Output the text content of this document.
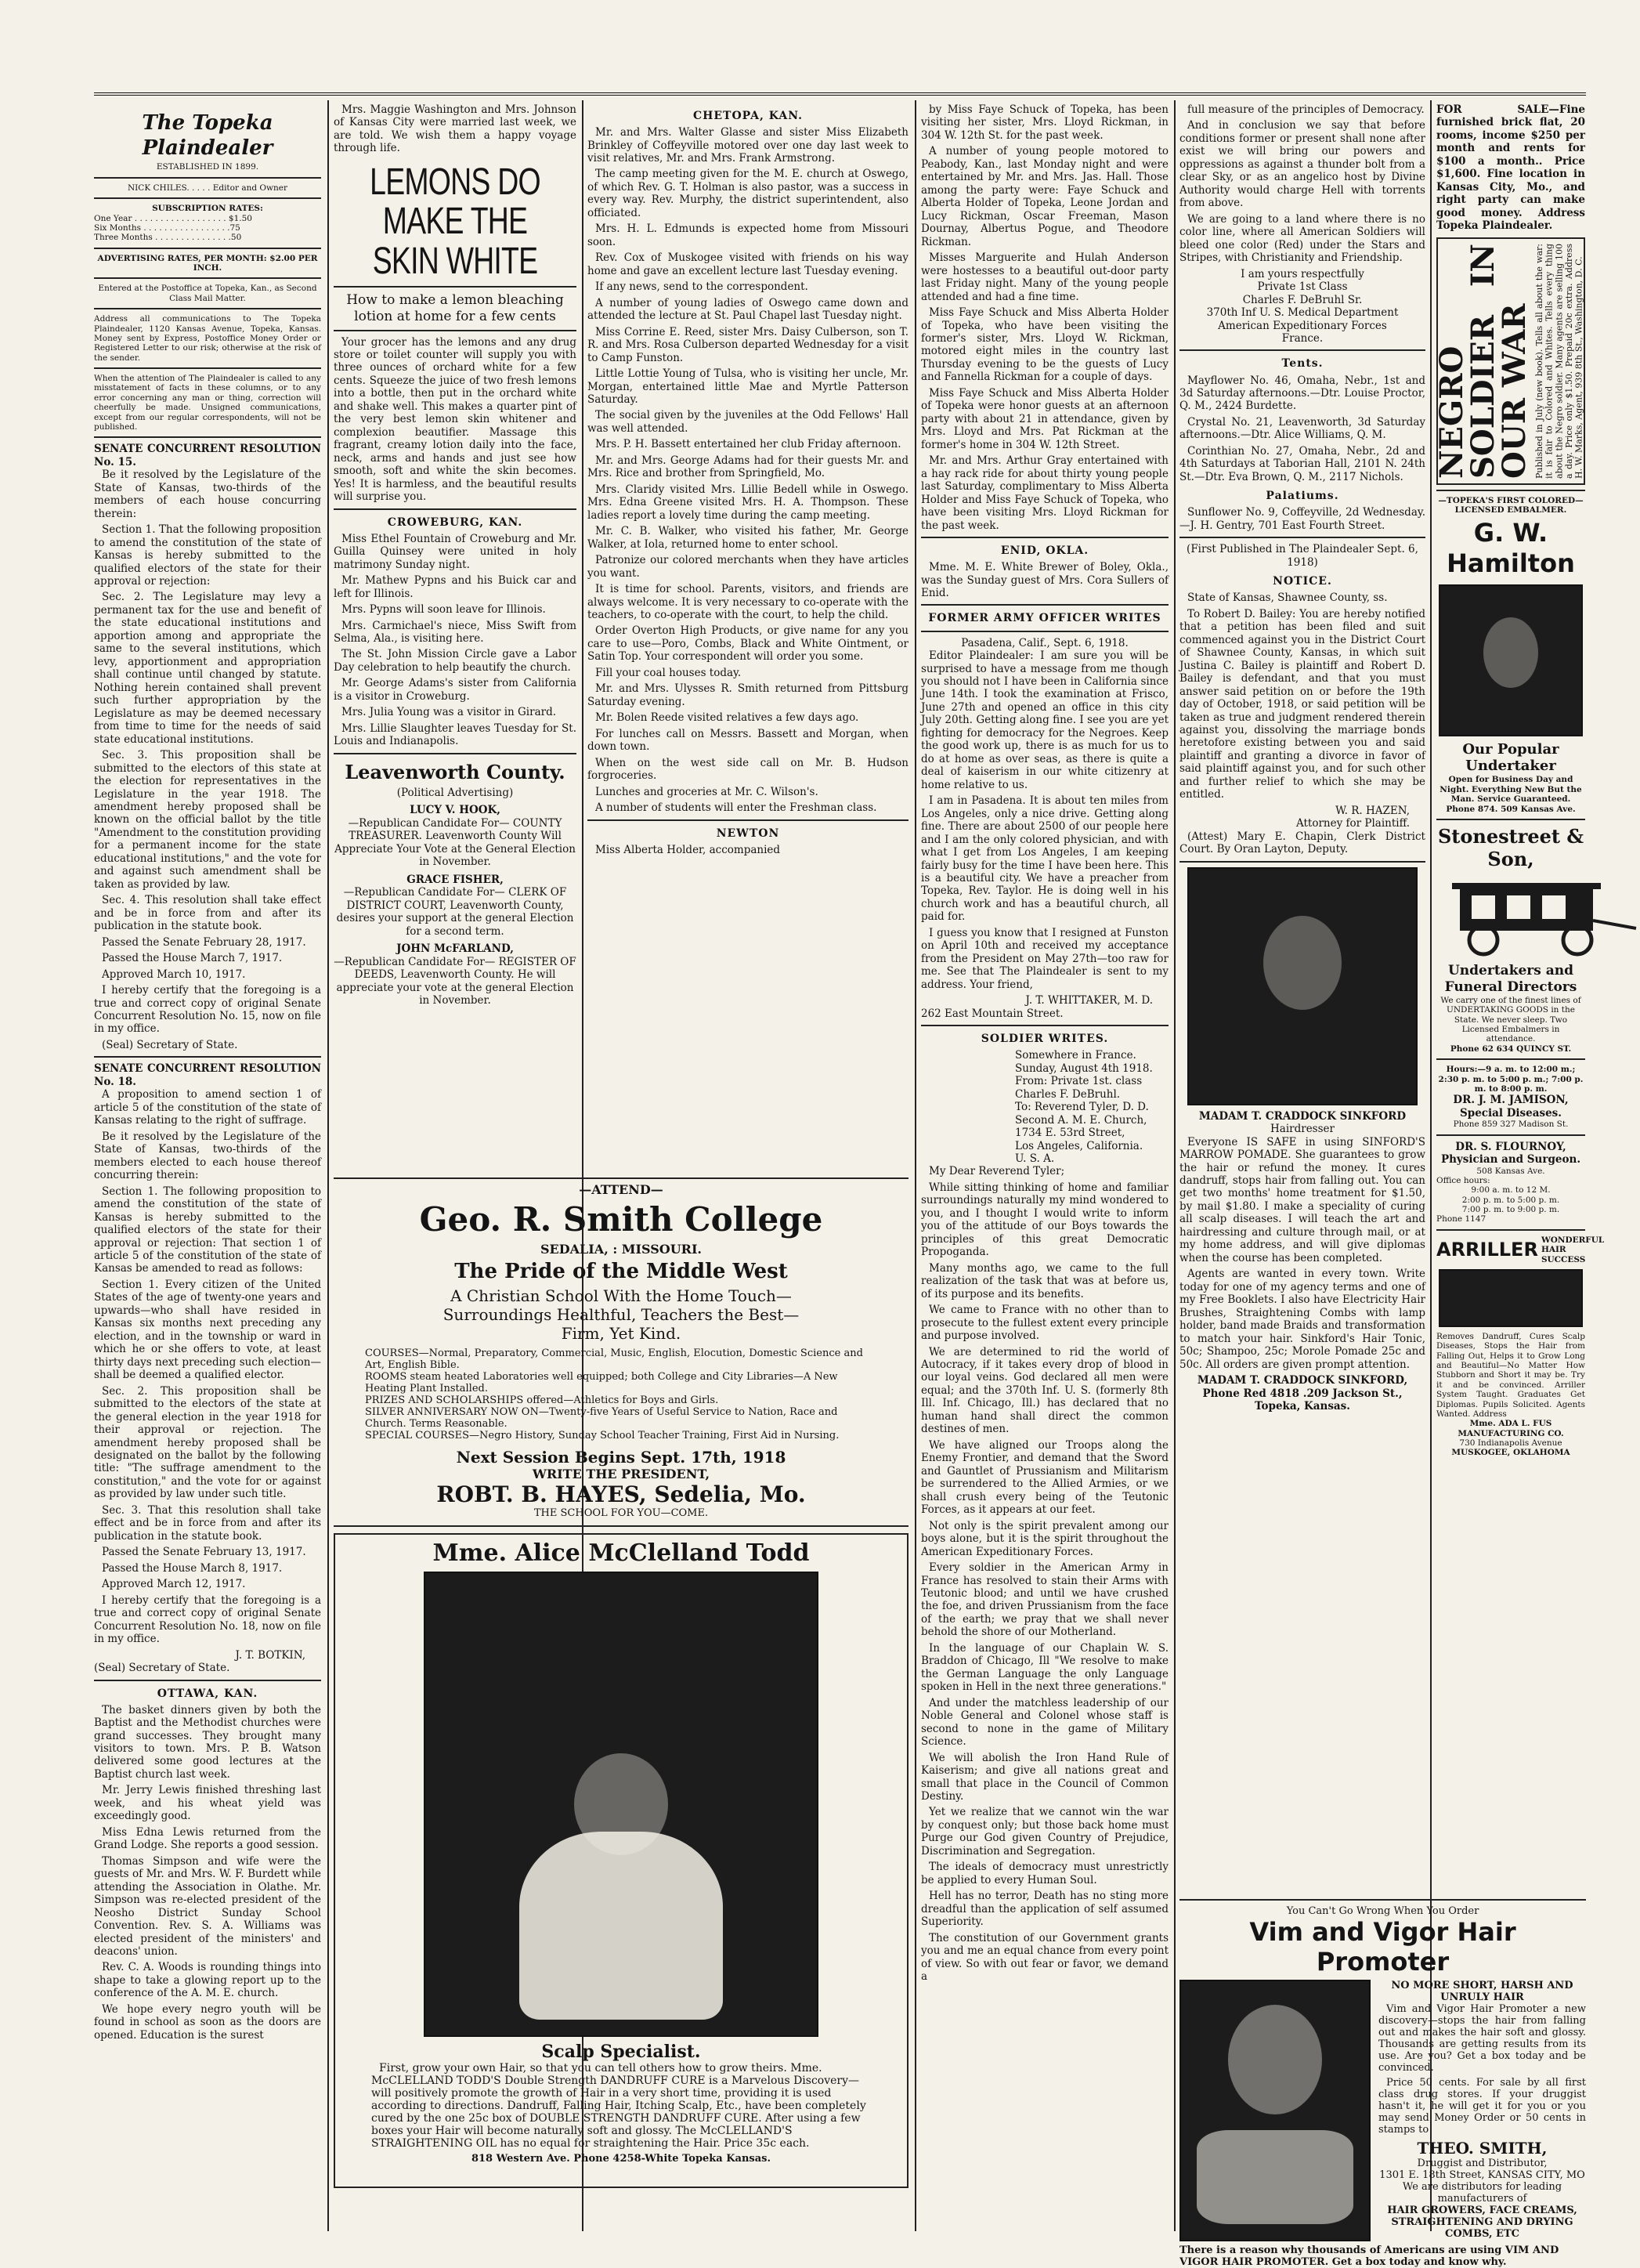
The Topeka Plaindealer
ESTABLISHED IN 1899.
NICK CHILES. . . . . Editor and Owner
SUBSCRIPTION RATES:
One Year . . . . . . . . . . . . . . . . . . $1.50
Six Months . . . . . . . . . . . . . . . . .75
Three Months . . . . . . . . . . . . . . .50
ADVERTISING RATES, PER MONTH: $2.00 PER INCH.
Entered at the Postoffice at Topeka, Kan., as Second Class Mail Matter.
Address all communications to The Topeka Plaindealer, 1120 Kansas Avenue, Topeka, Kansas. Money sent by Express, Postoffice Money Order or Registered Letter to our risk; otherwise at the risk of the sender.
When the attention of The Plaindealer is called to any misstatement of facts in these columns, or to any error concerning any man or thing, correction will cheerfully be made. Unsigned communications, except from our regular correspondents, will not be published.
SENATE CONCURRENT RESOLUTION No. 15.

Be it resolved by the Legislature of the State of Kansas, two-thirds of the members of each house concurring therein:

Section 1. That the following proposition to amend the constitution of the state of Kansas is hereby submitted to the qualified electors of the state for their approval or rejection:

Sec. 2. The Legislature may levy a permanent tax for the use and benefit of the state educational institutions and apportion among and appropriate the same to the several institutions, which levy, apportionment and appropriation shall continue until changed by statute. Nothing herein contained shall prevent such further appropriation by the Legislature as may be deemed necessary from time to time for the needs of said state educational institutions.

Sec. 3. This proposition shall be submitted to the electors of this state at the election for representatives in the Legislature in the year 1918. The amendment hereby proposed shall be known on the official ballot by the title "Amendment to the constitution providing for a permanent income for the state educational institutions," and the vote for and against such amendment shall be taken as provided by law.

Sec. 4. This resolution shall take effect and be in force from and after its publication in the statute book.

Passed the Senate February 28, 1917.

Passed the House March 7, 1917.

Approved March 10, 1917.

I hereby certify that the foregoing is a true and correct copy of original Senate Concurrent Resolution No. 15, now on file in my office.

(Seal) Secretary of State.

SENATE CONCURRENT RESOLUTION No. 18.

A proposition to amend section 1 of article 5 of the constitution of the state of Kansas relating to the right of suffrage.

Be it resolved by the Legislature of the State of Kansas, two-thirds of the members elected to each house thereof concurring therein:

Section 1. The following proposition to amend the constitution of the state of Kansas is hereby submitted to the qualified electors of the state for their approval or rejection: That section 1 of article 5 of the constitution of the state of Kansas be amended to read as follows:

Section 1. Every citizen of the United States of the age of twenty-one years and upwards—who shall have resided in Kansas six months next preceding any election, and in the township or ward in which he or she offers to vote, at least thirty days next preceding such election—shall be deemed a qualified elector.

Sec. 2. This proposition shall be submitted to the electors of the state at the general election in the year 1918 for their approval or rejection. The amendment hereby proposed shall be designated on the ballot by the following title: "The suffrage amendment to the constitution," and the vote for or against as provided by law under such title.

Sec. 3. That this resolution shall take effect and be in force from and after its publication in the statute book.

Passed the Senate February 13, 1917.

Passed the House March 8, 1917.

Approved March 12, 1917.

I hereby certify that the foregoing is a true and correct copy of original Senate Concurrent Resolution No. 18, now on file in my office.

J. T. BOTKIN,
(Seal) Secretary of State.
OTTAWA, KAN.

The basket dinners given by both the Baptist and the Methodist churches were grand successes. They brought many visitors to town. Mrs. P. B. Watson delivered some good lectures at the Baptist church last week.

Mr. Jerry Lewis finished threshing last week, and his wheat yield was exceedingly good.

Miss Edna Lewis returned from the Grand Lodge. She reports a good session.

Thomas Simpson and wife were the guests of Mr. and Mrs. W. F. Burdett while attending the Association in Olathe. Mr. Simpson was re-elected president of the Neosho District Sunday School Convention. Rev. S. A. Williams was elected president of the ministers' and deacons' union.

Rev. C. A. Woods is rounding things into shape to take a glowing report up to the conference of the A. M. E. church.

We hope every negro youth will be found in school as soon as the doors are opened. Education is the surest

Mrs. Maggie Washington and Mrs. Johnson of Kansas City were married last week, we are told. We wish them a happy voyage through life.

LEMONS DO MAKE THE SKIN WHITE
How to make a lemon bleaching lotion at home for a few cents

Your grocer has the lemons and any drug store or toilet counter will supply you with three ounces of orchard white for a few cents. Squeeze the juice of two fresh lemons into a bottle, then put in the orchard white and shake well. This makes a quarter pint of the very best lemon skin whitener and complexion beautifier. Massage this fragrant, creamy lotion daily into the face, neck, arms and hands and just see how smooth, soft and white the skin becomes. Yes! It is harmless, and the beautiful results will surprise you.

CROWEBURG, KAN.

Miss Ethel Fountain of Croweburg and Mr. Guilla Quinsey were united in holy matrimony Sunday night.

Mr. Mathew Pypns and his Buick car and left for Illinois.

Mrs. Pypns will soon leave for Illinois.

Mrs. Carmichael's niece, Miss Swift from Selma, Ala., is visiting here.

The St. John Mission Circle gave a Labor Day celebration to help beautify the church.

Mr. George Adams's sister from California is a visitor in Croweburg.

Mrs. Julia Young was a visitor in Girard.

Mrs. Lillie Slaughter leaves Tuesday for St. Louis and Indianapolis.

Leavenworth County.
(Political Advertising)
LUCY V. HOOK,
—Republican Candidate For— COUNTY TREASURER. Leavenworth County Will Appreciate Your Vote at the General Election in November.
GRACE FISHER,
—Republican Candidate For— CLERK OF DISTRICT COURT, Leavenworth County, desires your support at the general Election for a second term.
JOHN McFARLAND,
—Republican Candidate For— REGISTER OF DEEDS, Leavenworth County. He will appreciate your vote at the general Election in November.
CHETOPA, KAN.

Mr. and Mrs. Walter Glasse and sister Miss Elizabeth Brinkley of Coffeyville motored over one day last week to visit relatives, Mr. and Mrs. Frank Armstrong.

The camp meeting given for the M. E. church at Oswego, of which Rev. G. T. Holman is also pastor, was a success in every way. Rev. Murphy, the district superintendent, also officiated.

Mrs. H. L. Edmunds is expected home from Missouri soon.

Rev. Cox of Muskogee visited with friends on his way home and gave an excellent lecture last Tuesday evening.

If any news, send to the correspondent.

A number of young ladies of Oswego came down and attended the lecture at St. Paul Chapel last Tuesday night.

Miss Corrine E. Reed, sister Mrs. Daisy Culberson, son T. R. and Mrs. Rosa Culberson departed Wednesday for a visit to Camp Funston.

Little Lottie Young of Tulsa, who is visiting her uncle, Mr. Morgan, entertained little Mae and Myrtle Patterson Saturday.

The social given by the juveniles at the Odd Fellows' Hall was well attended.

Mrs. P. H. Bassett entertained her club Friday afternoon.

Mr. and Mrs. George Adams had for their guests Mr. and Mrs. Rice and brother from Springfield, Mo.

Mrs. Claridy visited Mrs. Lillie Bedell while in Oswego. Mrs. Edna Greene visited Mrs. H. A. Thompson. These ladies report a lovely time during the camp meeting.

Mr. C. B. Walker, who visited his father, Mr. George Walker, at Iola, returned home to enter school.

Patronize our colored merchants when they have articles you want.

It is time for school. Parents, visitors, and friends are always welcome. It is very necessary to co-operate with the teachers, to co-operate with the court, to help the child.

Order Overton High Products, or give name for any you care to use—Poro, Combs, Black and White Ointment, or Satin Top. Your correspondent will order you some.

Fill your coal houses today.

Mr. and Mrs. Ulysses R. Smith returned from Pittsburg Saturday evening.

Mr. Bolen Reede visited relatives a few days ago.

For lunches call on Messrs. Bassett and Morgan, when down town.

When on the west side call on Mr. B. Hudson forgroceries.

Lunches and groceries at Mr. C. Wilson's.

A number of students will enter the Freshman class.

NEWTON

Miss Alberta Holder, accompanied

—ATTEND—
Geo. R. Smith College
SEDALIA, : MISSOURI.
The Pride of the Middle West
A Christian School With the Home Touch—
Surroundings Healthful, Teachers the Best—
Firm, Yet Kind.
COURSES—Normal, Preparatory, Commercial, Music, English, Elocution, Domestic Science and Art, English Bible.
ROOMS steam heated Laboratories well equipped; both College and City Libraries—A New Heating Plant Installed.
PRIZES AND SCHOLARSHIPS offered—Athletics for Boys and Girls.
SILVER ANNIVERSARY NOW ON—Twenty-five Years of Useful Service to Nation, Race and Church. Terms Reasonable.
SPECIAL COURSES—Negro History, Sunday School Teacher Training, First Aid in Nursing.
Next Session Begins Sept. 17th, 1918
WRITE THE PRESIDENT,
ROBT. B. HAYES, Sedelia, Mo.
THE SCHOOL FOR YOU—COME.
Mme. Alice McClelland Todd
Scalp Specialist.

First, grow your own Hair, so that you can tell others how to grow theirs. Mme. McCLELLAND TODD'S Double Strength DANDRUFF CURE is a Marvelous Discovery—will positively promote the growth of Hair in a very short time, providing it is used according to directions. Dandruff, Falling Hair, Itching Scalp, Etc., have been completely cured by the one 25c box of DOUBLE STRENGTH DANDRUFF CURE. After using a few boxes your Hair will become naturally soft and glossy. The McCLELLAND'S STRAIGHTENING OIL has no equal for straightening the Hair. Price 35c each.

818 Western Ave. Phone 4258-White Topeka Kansas.

by Miss Faye Schuck of Topeka, has been visiting her sister, Mrs. Lloyd Rickman, in 304 W. 12th St. for the past week.

A number of young people motored to Peabody, Kan., last Monday night and were entertained by Mr. and Mrs. Jas. Hall. Those among the party were: Faye Schuck and Alberta Holder of Topeka, Leone Jordan and Lucy Rickman, Oscar Freeman, Mason Dournay, Albertus Pogue, and Theodore Rickman.

Misses Marguerite and Hulah Anderson were hostesses to a beautiful out-door party last Friday night. Many of the young people attended and had a fine time.

Miss Faye Schuck and Miss Alberta Holder of Topeka, who have been visiting the former's sister, Mrs. Lloyd W. Rickman, motored eight miles in the country last Thursday evening to be the guests of Lucy and Fannella Rickman for a couple of days.

Miss Faye Schuck and Miss Alberta Holder of Topeka were honor guests at an afternoon party with about 21 in attendance, given by Mrs. Lloyd and Mrs. Pat Rickman at the former's home in 304 W. 12th Street.

Mr. and Mrs. Arthur Gray entertained with a hay rack ride for about thirty young people last Saturday, complimentary to Miss Alberta Holder and Miss Faye Schuck of Topeka, who have been visiting Mrs. Lloyd Rickman for the past week.

ENID, OKLA.

Mme. M. E. White Brewer of Boley, Okla., was the Sunday guest of Mrs. Cora Sullers of Enid.

FORMER ARMY OFFICER WRITES
Pasadena, Calif., Sept. 6, 1918.

Editor Plaindealer: I am sure you will be surprised to have a message from me though you should not I have been in California since June 14th. I took the examination at Frisco, June 27th and opened an office in this city July 20th. Getting along fine. I see you are yet fighting for democracy for the Negroes. Keep the good work up, there is as much for us to do at home as over seas, as there is quite a deal of kaiserism in our white citizenry at home relative to us.

I am in Pasadena. It is about ten miles from Los Angeles, only a nice drive. Getting along fine. There are about 2500 of our people here and I am the only colored physician, and with what I get from Los Angeles, I am keeping fairly busy for the time I have been here. This is a beautiful city. We have a preacher from Topeka, Rev. Taylor. He is doing well in his church work and has a beautiful church, all paid for.

I guess you know that I resigned at Funston on April 10th and received my acceptance from the President on May 27th—too raw for me. See that The Plaindealer is sent to my address. Your friend,

J. T. WHITTAKER, M. D.
262 East Mountain Street.
SOLDIER WRITES.
Somewhere in France.
Sunday, August 4th 1918.
From: Private 1st. class
Charles F. DeBruhl.
To: Reverend Tyler, D. D.
Second A. M. E. Church,
1734 E. 53rd Street,
Los Angeles, California.
U. S. A.

My Dear Reverend Tyler;

While sitting thinking of home and familiar surroundings naturally my mind wondered to you, and I thought I would write to inform you of the attitude of our Boys towards the principles of this great Democratic Propoganda.

Many months ago, we came to the full realization of the task that was at before us, of its purpose and its benefits.

We came to France with no other than to prosecute to the fullest extent every principle and purpose involved.

We are determined to rid the world of Autocracy, if it takes every drop of blood in our loyal veins. God declared all men were equal; and the 370th Inf. U. S. (formerly 8th Ill. Inf. Chicago, Ill.) has declared that no human hand shall direct the common destines of men.

We have aligned our Troops along the Enemy Frontier, and demand that the Sword and Gauntlet of Prussianism and Militarism be surrendered to the Allied Armies, or we shall crush every being of the Teutonic Forces, as it appears at our feet.

Not only is the spirit prevalent among our boys alone, but it is the spirit throughout the American Expeditionary Forces.

Every soldier in the American Army in France has resolved to stain their Arms with Teutonic blood; and until we have crushed the foe, and driven Prussianism from the face of the earth; we pray that we shall never behold the shore of our Motherland.

In the language of our Chaplain W. S. Braddon of Chicago, Ill "We resolve to make the German Language the only Language spoken in Hell in the next three generations."

And under the matchless leadership of our Noble General and Colonel whose staff is second to none in the game of Military Science.

We will abolish the Iron Hand Rule of Kaiserism; and give all nations great and small that place in the Council of Common Destiny.

Yet we realize that we cannot win the war by conquest only; but those back home must Purge our God given Country of Prejudice, Discrimination and Segregation.

The ideals of democracy must unrestrictly be applied to every Human Soul.

Hell has no terror, Death has no sting more dreadful than the application of self assumed Superiority.

The constitution of our Government grants you and me an equal chance from every point of view. So with out fear or favor, we demand a

full measure of the principles of Democracy.

And in conclusion we say that before conditions former or present shall none after exist we will bring our powers and oppressions as against a thunder bolt from a clear Sky, or as an angelico host by Divine Authority would charge Hell with torrents from above.

We are going to a land where there is no color line, where all American Soldiers will bleed one color (Red) under the Stars and Stripes, with Christianity and Friendship.

I am yours respectfully
Private 1st Class
Charles F. DeBruhl Sr.
370th Inf U. S. Medical Department
American Expeditionary Forces
France.
Tents.

Mayflower No. 46, Omaha, Nebr., 1st and 3d Saturday afternoons.—Dtr. Louise Proctor, Q. M., 2424 Burdette.

Crystal No. 21, Leavenworth, 3d Saturday afternoons.—Dtr. Alice Williams, Q. M.

Corinthian No. 27, Omaha, Nebr., 2d and 4th Saturdays at Taborian Hall, 2101 N. 24th St.—Dtr. Eva Brown, Q. M., 2117 Nichols.

Palatiums.

Sunflower No. 9, Coffeyville, 2d Wednesday.—J. H. Gentry, 701 East Fourth Street.

(First Published in The Plaindealer Sept. 6, 1918)
NOTICE.

State of Kansas, Shawnee County, ss.

To Robert D. Bailey: You are hereby notified that a petition has been filed and suit commenced against you in the District Court of Shawnee County, Kansas, in which suit Justina C. Bailey is plaintiff and Robert D. Bailey is defendant, and that you must answer said petition on or before the 19th day of October, 1918, or said petition will be taken as true and judgment rendered therein against you, dissolving the marriage bonds heretofore existing between you and said plaintiff and granting a divorce in favor of said plaintiff against you, and for such other and further relief to which she may be entitled.

W. R. HAZEN,
Attorney for Plaintiff.

(Attest) Mary E. Chapin, Clerk District Court. By Oran Layton, Deputy.

MADAM T. CRADDOCK SINKFORD
Hairdresser

Everyone IS SAFE in using SINFORD'S MARROW POMADE. She guarantees to grow the hair or refund the money. It cures dandruff, stops hair from falling out. You can get two months' home treatment for $1.50, by mail $1.80. I make a speciality of curing all scalp diseases. I will teach the art and hairdressing and culture through mail, or at my home address, and will give diplomas when the course has been completed.

Agents are wanted in every town. Write today for one of my agency terms and one of my Free Booklets. I also have Electricity Hair Brushes, Straightening Combs with lamp holder, band made Braids and transformation to match your hair. Sinkford's Hair Tonic, 50c; Shampoo, 25c; Morole Pomade 25c and 50c. All orders are given prompt attention.

MADAM T. CRADDOCK SINKFORD,
Phone Red 4818 .209 Jackson St.,
Topeka, Kansas.
FOR SALE—Fine furnished brick flat, 20 rooms, income $250 per month and rents for $100 a month.. Price $1,600. Fine location in Kansas City, Mo., and right party can make good money. Address Topeka Plaindealer.
NEGRO SOLDIER IN OUR WAR Published in July (new book). Tells all about the war: it is fair to Colored and Whites. Tells every thing about the Negro soldier. Many agents are selling 100 a day. Price only $1.50. Prepaid 20c extra. Address H. W. Marks, Agent, 939 8th St., Washington, D. C.
—TOPEKA'S FIRST COLORED— LICENSED EMBALMER.
G. W. Hamilton
Our Popular Undertaker
Open for Business Day and Night. Everything New But the Man. Service Guaranteed.
Phone 874. 509 Kansas Ave.
Stonestreet & Son,
Undertakers and Funeral Directors
We carry one of the finest lines of UNDERTAKING GOODS in the State. We never sleep. Two Licensed Embalmers in attendance.
Phone 62 634 QUINCY ST.
Hours:—9 a. m. to 12:00 m.; 2:30 p. m. to 5:00 p. m.; 7:00 p. m. to 8:00 p. m.
DR. J. M. JAMISON,
Special Diseases.
Phone 859 327 Madison St.
DR. S. FLOURNOY,
Physician and Surgeon.
508 Kansas Ave.
Office hours:
9:00 a. m. to 12 M.
2:00 p. m. to 5:00 p. m.
7:00 p. m. to 9:00 p. m.
Phone 1147
ARRILLER WONDERFUL HAIR SUCCESS
Removes Dandruff, Cures Scalp Diseases, Stops the Hair from Falling Out, Helps it to Grow Long and Beautiful—No Matter How Stubborn and Short it may be. Try it and be convinced. Arriller System Taught. Graduates Get Diplomas. Pupils Solicited. Agents Wanted. Address
Mme. ADA L. FUS MANUFACTURING CO.
730 Indianapolis Avenue
MUSKOGEE, OKLAHOMA
You Can't Go Wrong When You Order
Vim and Vigor Hair Promoter
NO MORE SHORT, HARSH AND UNRULY HAIR

Vim and Vigor Hair Promoter a new discovery—stops the hair from falling out and makes the hair soft and glossy. Thousands are getting results from its use. Are you? Get a box today and be convinced.

Price 50 cents. For sale by all first class drug stores. If your druggist hasn't it, he will get it for you or you may send Money Order or 50 cents in stamps to

THEO. SMITH,
Druggist and Distributor,
1301 E. 18th Street, KANSAS CITY, MO
We are distributors for leading manufacturers of
HAIR GROWERS, FACE CREAMS, STRAIGHTENING AND DRYING COMBS, ETC
There is a reason why thousands of Americans are using VIM AND VIGOR HAIR PROMOTER. Get a box today and know why.
